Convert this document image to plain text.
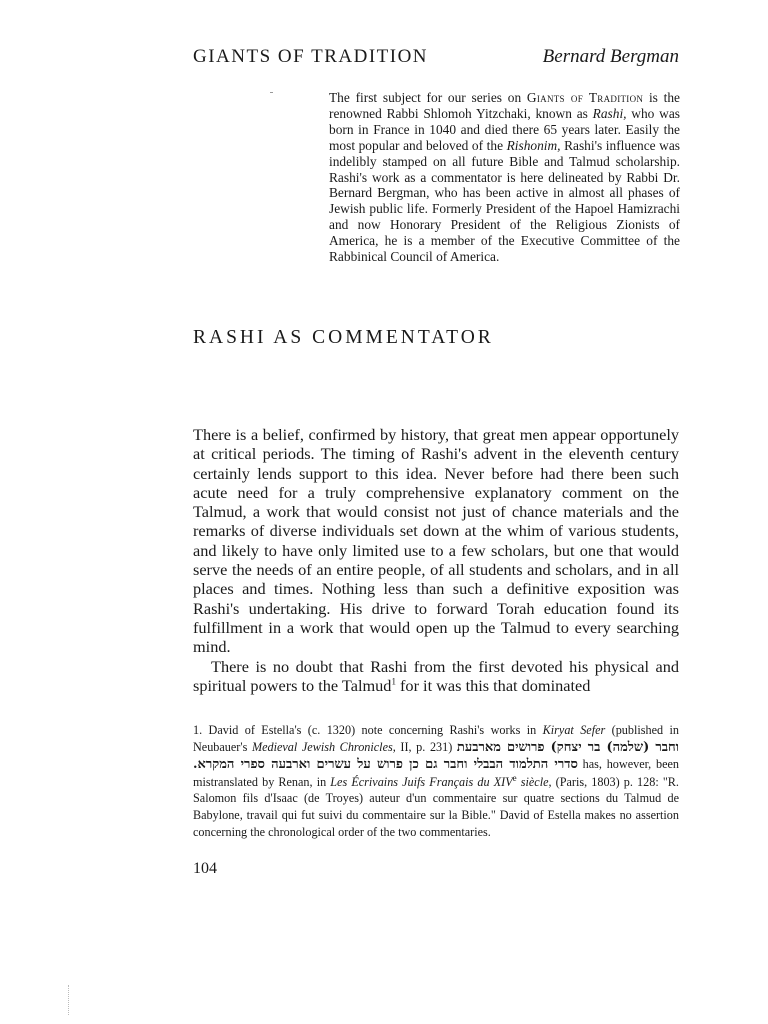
GIANTS OF TRADITION	Bernard Bergman
The first subject for our series on Giants of Tradition is the renowned Rabbi Shlomoh Yitzchaki, known as Rashi, who was born in France in 1040 and died there 65 years later. Easily the most popular and beloved of the Rishonim, Rashi's influence was indelibly stamped on all future Bible and Talmud scholarship. Rashi's work as a commentator is here delineated by Rabbi Dr. Bernard Bergman, who has been active in almost all phases of Jewish public life. Formerly President of the Hapoel Hamizrachi and now Honorary President of the Religious Zionists of America, he is a member of the Executive Committee of the Rabbinical Council of America.
RASHI AS COMMENTATOR

There is a belief, confirmed by history, that great men appear opportunely at critical periods. The timing of Rashi's advent in the eleventh century certainly lends support to this idea. Never before had there been such acute need for a truly comprehensive explanatory comment on the Talmud, a work that would consist not just of chance materials and the remarks of diverse individuals set down at the whim of various students, and likely to have only limited use to a few scholars, but one that would serve the needs of an entire people, of all students and scholars, and in all places and times. Nothing less than such a definitive exposition was Rashi's undertaking. His drive to forward Torah education found its fulfillment in a work that would open up the Talmud to every searching mind.

There is no doubt that Rashi from the first devoted his physical and spiritual powers to the Talmud$^1$ for it was this that dominated

1. David of Estella's (c. 1320) note concerning Rashi's works in Kiryat Sefer (published in Neubauer's Medieval Jewish Chronicles, II, p. 231) וחבר (שלמה) בר יצחק) פרושים מארבעת סדרי התלמוד הבבלי וחבר גם כן פרוש על עשרים וארבעה ספרי המקרא. has, however, been mistranslated by Renan, in Les Écrivains Juifs Français du XIVe siècle, (Paris, 1803) p. 128: "R. Salomon fils d'Isaac (de Troyes) auteur d'un commentaire sur quatre sections du Talmud de Babylone, travail qui fut suivi du commentaire sur la Bible." David of Estella makes no assertion concerning the chronological order of the two commentaries.
104
